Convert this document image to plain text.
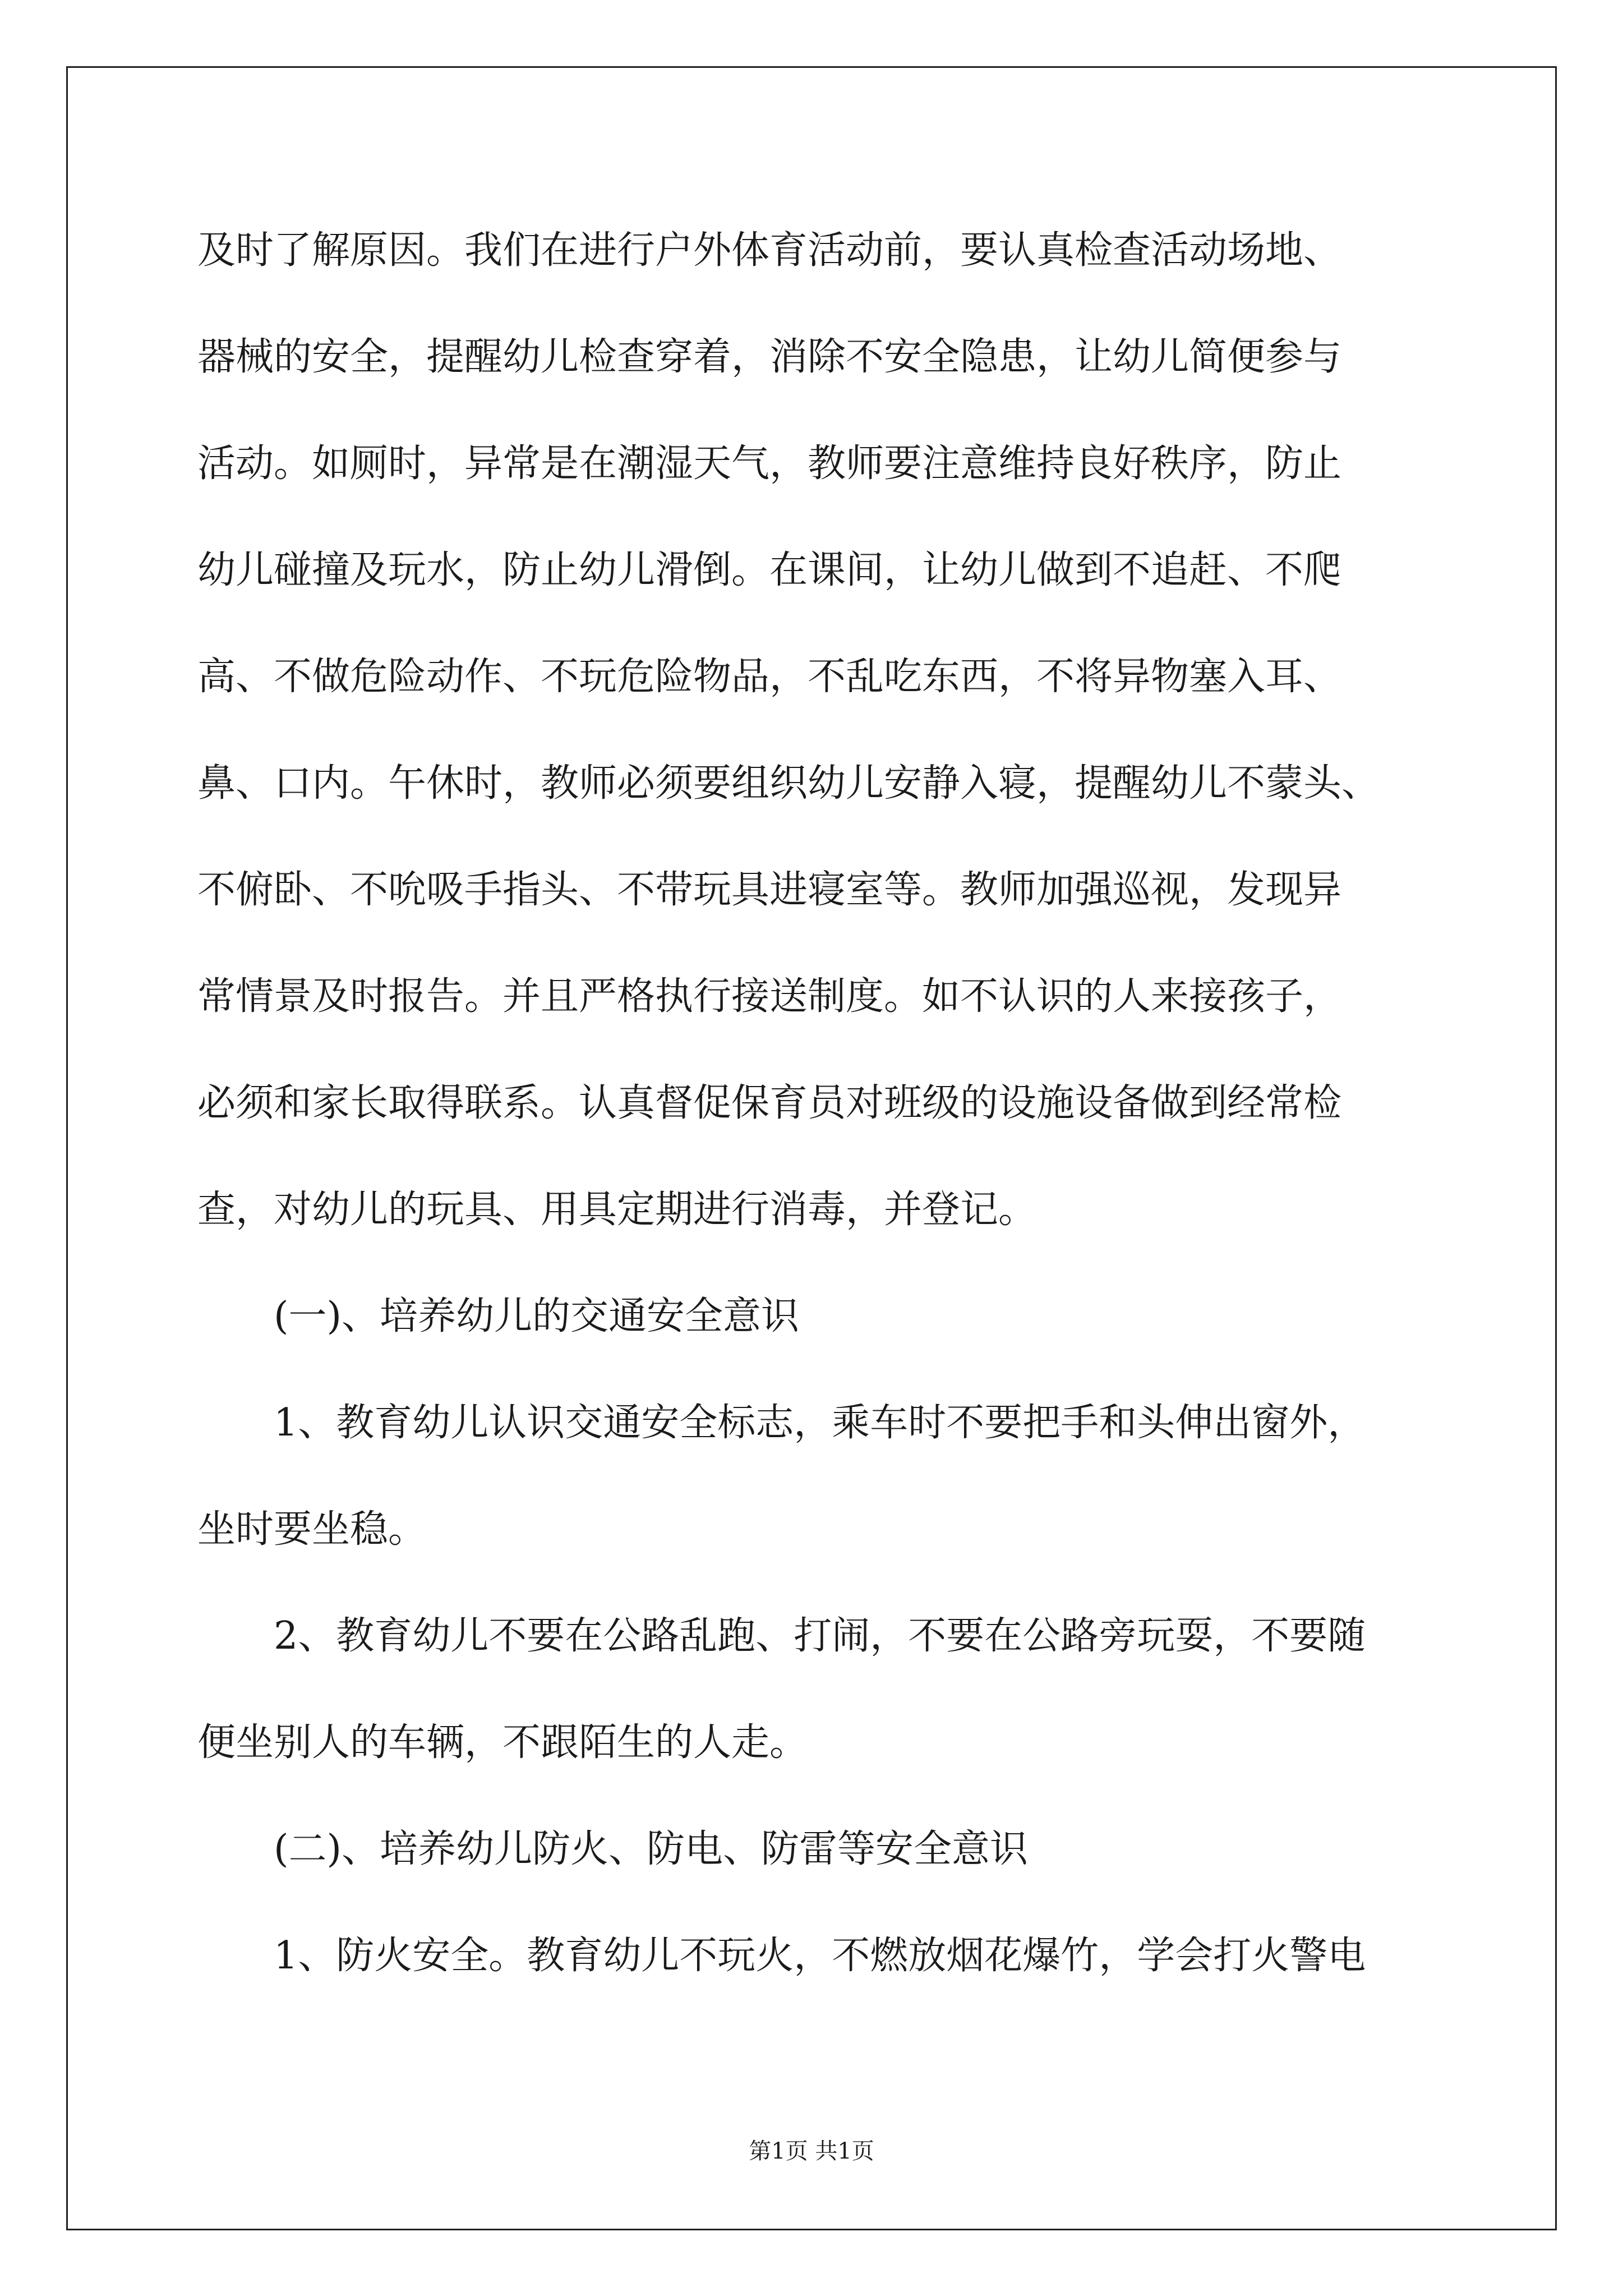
及时了解原因。我们在进行户外体育活动前，要认真检查活动场地、
器械的安全，提醒幼儿检查穿着，消除不安全隐患，让幼儿简便参与
活动。如厕时，异常是在潮湿天气，教师要注意维持良好秩序，防止
幼儿碰撞及玩水，防止幼儿滑倒。在课间，让幼儿做到不追赶、不爬
高、不做危险动作、不玩危险物品，不乱吃东西，不将异物塞入耳、
鼻、口内。午休时，教师必须要组织幼儿安静入寝，提醒幼儿不蒙头、
不俯卧、不吮吸手指头、不带玩具进寝室等。教师加强巡视，发现异
常情景及时报告。并且严格执行接送制度。如不认识的人来接孩子，
必须和家长取得联系。认真督促保育员对班级的设施设备做到经常检
查，对幼儿的玩具、用具定期进行消毒，并登记。
(一)、培养幼儿的交通安全意识
1、教育幼儿认识交通安全标志，乘车时不要把手和头伸出窗外，
坐时要坐稳。
2、教育幼儿不要在公路乱跑、打闹，不要在公路旁玩耍，不要随
便坐别人的车辆，不跟陌生的人走。
(二)、培养幼儿防火、防电、防雷等安全意识
1、防火安全。教育幼儿不玩火，不燃放烟花爆竹，学会打火警电
第1页 共1页
